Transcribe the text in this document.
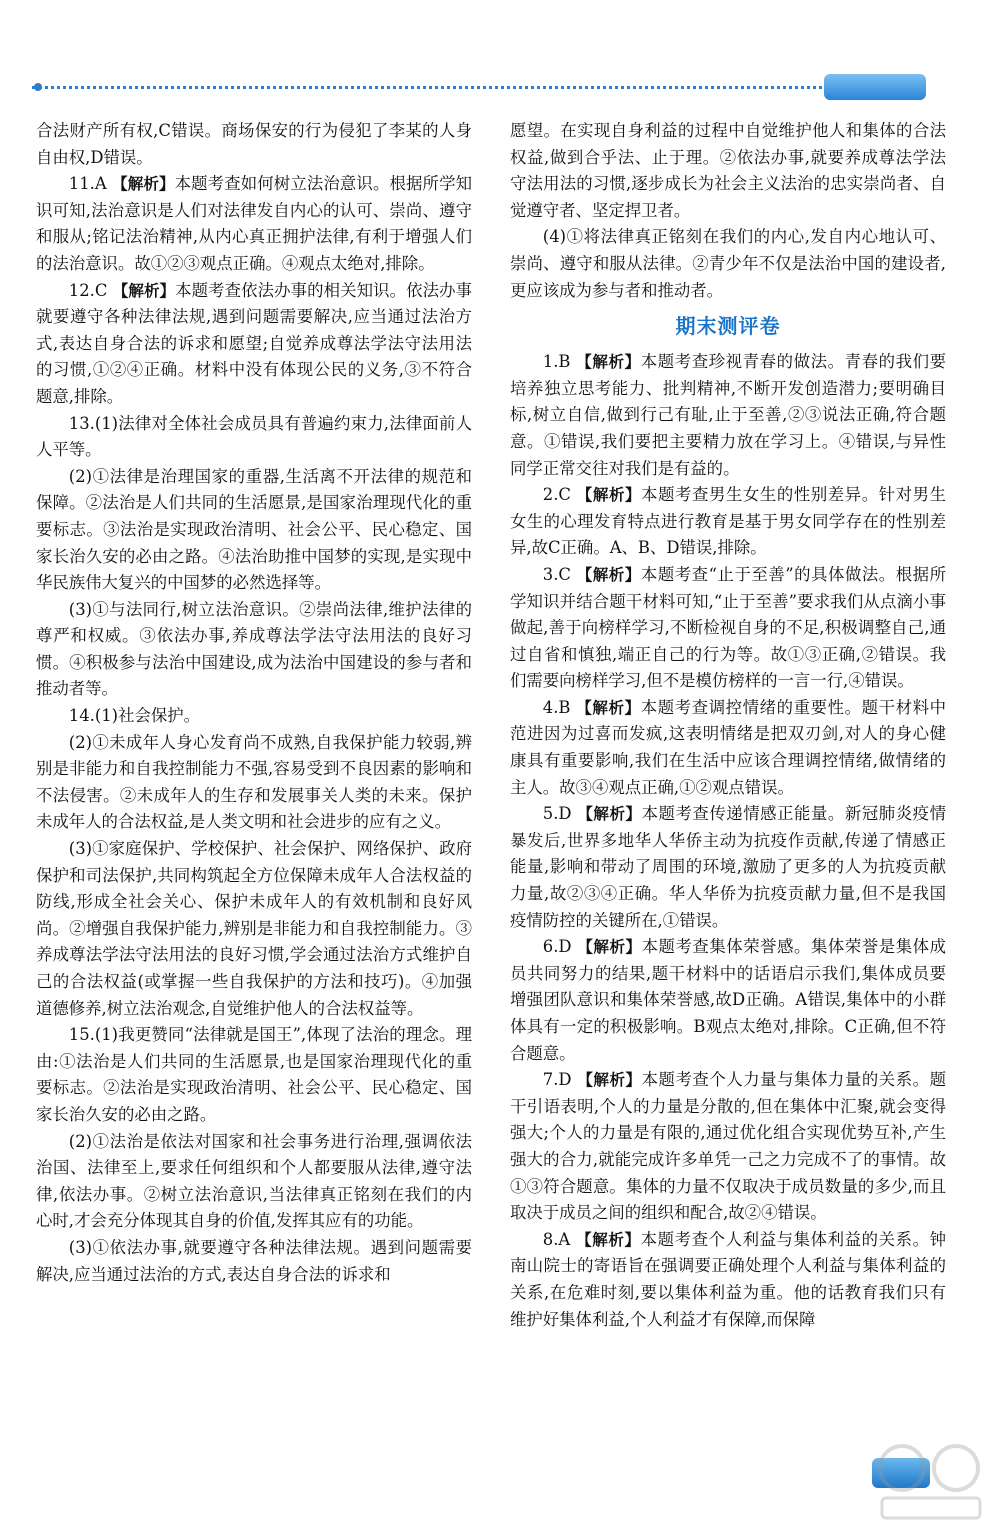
合法财产所有权,C错误。商场保安的行为侵犯了李某的人身自由权,D错误。

11.A 【解析】本题考查如何树立法治意识。根据所学知识可知,法治意识是人们对法律发自内心的认可、崇尚、遵守和服从;铭记法治精神,从内心真正拥护法律,有利于增强人们的法治意识。故①②③观点正确。④观点太绝对,排除。

12.C 【解析】本题考查依法办事的相关知识。依法办事就要遵守各种法律法规,遇到问题需要解决,应当通过法治方式,表达自身合法的诉求和愿望;自觉养成尊法学法守法用法的习惯,①②④正确。材料中没有体现公民的义务,③不符合题意,排除。

13.(1)法律对全体社会成员具有普遍约束力,法律面前人人平等。

(2)①法律是治理国家的重器,生活离不开法律的规范和保障。②法治是人们共同的生活愿景,是国家治理现代化的重要标志。③法治是实现政治清明、社会公平、民心稳定、国家长治久安的必由之路。④法治助推中国梦的实现,是实现中华民族伟大复兴的中国梦的必然选择等。

(3)①与法同行,树立法治意识。②崇尚法律,维护法律的尊严和权威。③依法办事,养成尊法学法守法用法的良好习惯。④积极参与法治中国建设,成为法治中国建设的参与者和推动者等。

14.(1)社会保护。

(2)①未成年人身心发育尚不成熟,自我保护能力较弱,辨别是非能力和自我控制能力不强,容易受到不良因素的影响和不法侵害。②未成年人的生存和发展事关人类的未来。保护未成年人的合法权益,是人类文明和社会进步的应有之义。

(3)①家庭保护、学校保护、社会保护、网络保护、政府保护和司法保护,共同构筑起全方位保障未成年人合法权益的防线,形成全社会关心、保护未成年人的有效机制和良好风尚。②增强自我保护能力,辨别是非能力和自我控制能力。③养成尊法学法守法用法的良好习惯,学会通过法治方式维护自己的合法权益(或掌握一些自我保护的方法和技巧)。④加强道德修养,树立法治观念,自觉维护他人的合法权益等。

15.(1)我更赞同“法律就是国王”,体现了法治的理念。理由:①法治是人们共同的生活愿景,也是国家治理现代化的重要标志。②法治是实现政治清明、社会公平、民心稳定、国家长治久安的必由之路。

(2)①法治是依法对国家和社会事务进行治理,强调依法治国、法律至上,要求任何组织和个人都要服从法律,遵守法律,依法办事。②树立法治意识,当法律真正铭刻在我们的内心时,才会充分体现其自身的价值,发挥其应有的功能。

(3)①依法办事,就要遵守各种法律法规。遇到问题需要解决,应当通过法治的方式,表达自身合法的诉求和

愿望。在实现自身利益的过程中自觉维护他人和集体的合法权益,做到合乎法、止于理。②依法办事,就要养成尊法学法守法用法的习惯,逐步成长为社会主义法治的忠实崇尚者、自觉遵守者、坚定捍卫者。

(4)①将法律真正铭刻在我们的内心,发自内心地认可、崇尚、遵守和服从法律。②青少年不仅是法治中国的建设者,更应该成为参与者和推动者。

期末测评卷

1.B 【解析】本题考查珍视青春的做法。青春的我们要培养独立思考能力、批判精神,不断开发创造潜力;要明确目标,树立自信,做到行己有耻,止于至善,②③说法正确,符合题意。①错误,我们要把主要精力放在学习上。④错误,与异性同学正常交往对我们是有益的。

2.C 【解析】本题考查男生女生的性别差异。针对男生女生的心理发育特点进行教育是基于男女同学存在的性别差异,故C正确。A、B、D错误,排除。

3.C 【解析】本题考查“止于至善”的具体做法。根据所学知识并结合题干材料可知,“止于至善”要求我们从点滴小事做起,善于向榜样学习,不断检视自身的不足,积极调整自己,通过自省和慎独,端正自己的行为等。故①③正确,②错误。我们需要向榜样学习,但不是模仿榜样的一言一行,④错误。

4.B 【解析】本题考查调控情绪的重要性。题干材料中范进因为过喜而发疯,这表明情绪是把双刃剑,对人的身心健康具有重要影响,我们在生活中应该合理调控情绪,做情绪的主人。故③④观点正确,①②观点错误。

5.D 【解析】本题考查传递情感正能量。新冠肺炎疫情暴发后,世界多地华人华侨主动为抗疫作贡献,传递了情感正能量,影响和带动了周围的环境,激励了更多的人为抗疫贡献力量,故②③④正确。华人华侨为抗疫贡献力量,但不是我国疫情防控的关键所在,①错误。

6.D 【解析】本题考查集体荣誉感。集体荣誉是集体成员共同努力的结果,题干材料中的话语启示我们,集体成员要增强团队意识和集体荣誉感,故D正确。A错误,集体中的小群体具有一定的积极影响。B观点太绝对,排除。C正确,但不符合题意。

7.D 【解析】本题考查个人力量与集体力量的关系。题干引语表明,个人的力量是分散的,但在集体中汇聚,就会变得强大;个人的力量是有限的,通过优化组合实现优势互补,产生强大的合力,就能完成许多单凭一己之力完成不了的事情。故①③符合题意。集体的力量不仅取决于成员数量的多少,而且取决于成员之间的组织和配合,故②④错误。

8.A 【解析】本题考查个人利益与集体利益的关系。钟南山院士的寄语旨在强调要正确处理个人利益与集体利益的关系,在危难时刻,要以集体利益为重。他的话教育我们只有维护好集体利益,个人利益才有保障,而保障
